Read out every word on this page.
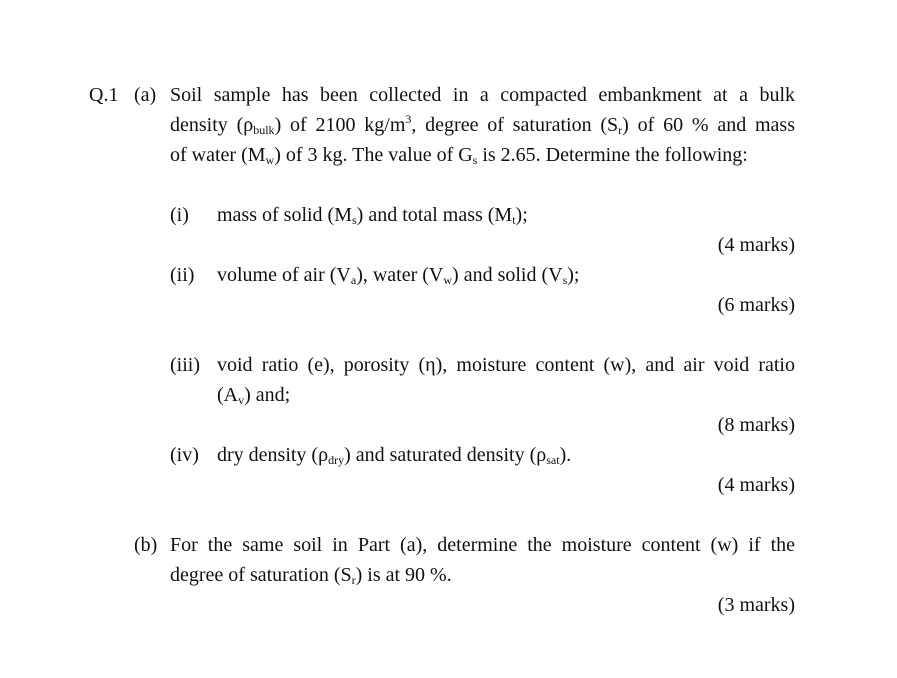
Q.1 (a) Soil sample has been collected in a compacted embankment at a bulk
density $(\rho_{bulk})$ of 2100 $kg/m^3$, degree of saturation $(S_r)$ of 60 % and mass
of water $(M_w)$ of 3 kg. The value of $G_s$ is 2.65. Determine the following:
(i) mass of solid $(M_s)$ and total mass $(M_t)$;
(4 marks)
(ii) volume of air $(V_a)$, water $(V_w)$ and solid $(V_s)$;
(6 marks)
(iii) void ratio (e), porosity (η), moisture content (w), and air void ratio
$(A_v)$ and;
(8 marks)
(iv) dry density $(\rho_{dry})$ and saturated density $(\rho_{sat})$.
(4 marks)
(b) For the same soil in Part (a), determine the moisture content (w) if the
degree of saturation $(S_r)$ is at 90 %.
(3 marks)
